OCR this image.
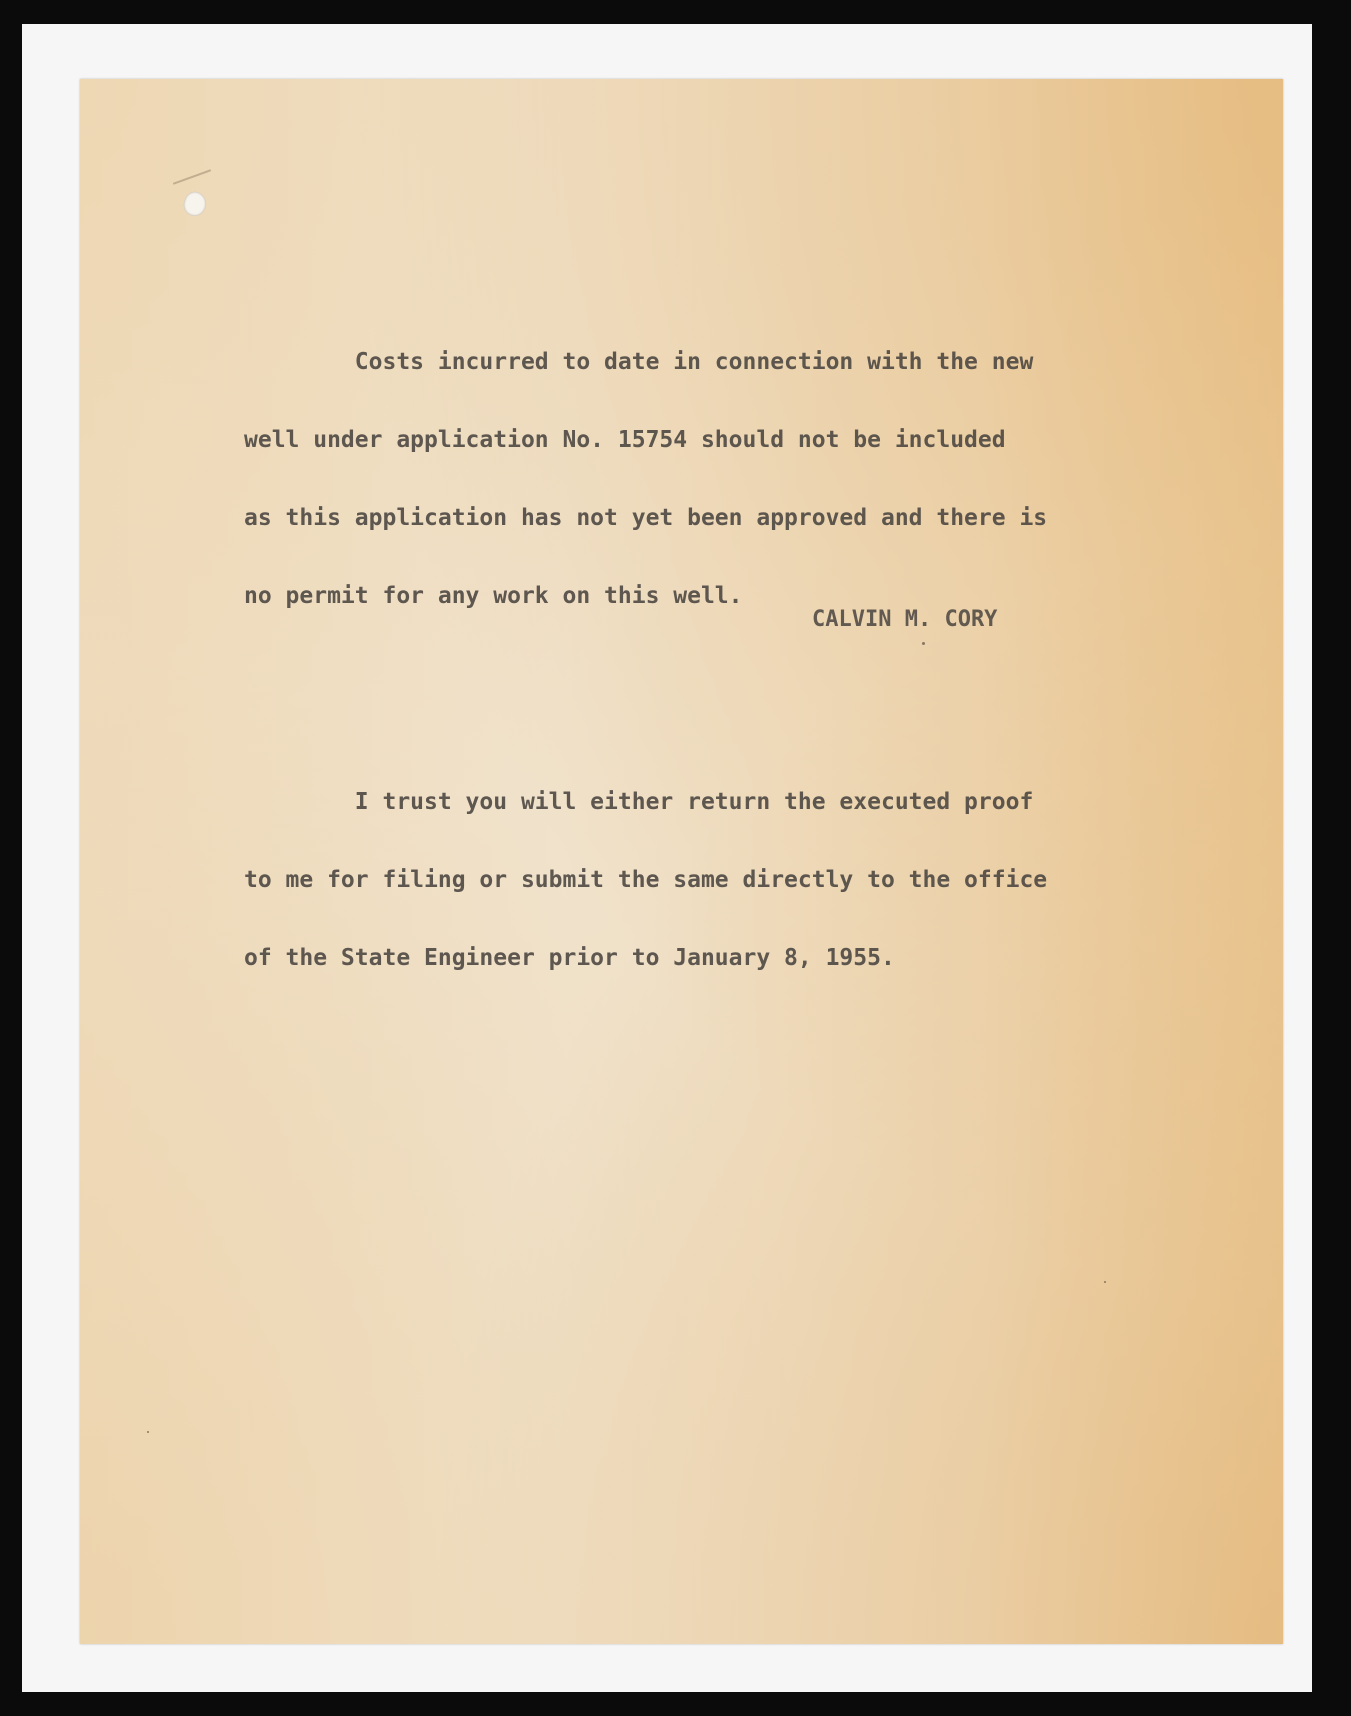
Costs incurred to date in connection with the new

well under application No. 15754 should not be included

as this application has not yet been approved and there is

no permit for any work on this well.

I trust you will either return the executed proof

to me for filing or submit the same directly to the office

of the State Engineer prior to January 8, 1955.

CALVIN M. CORY
